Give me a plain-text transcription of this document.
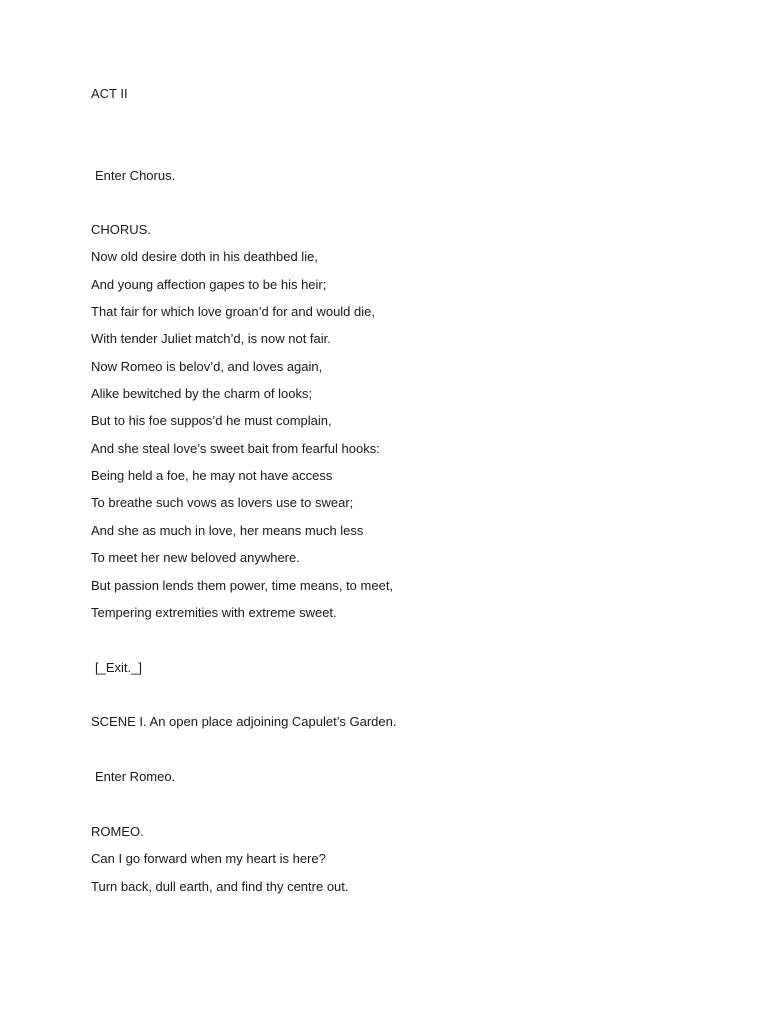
ACT II
Enter Chorus.
CHORUS.
Now old desire doth in his deathbed lie,
And young affection gapes to be his heir;
That fair for which love groan’d for and would die,
With tender Juliet match’d, is now not fair.
Now Romeo is belov’d, and loves again,
Alike bewitched by the charm of looks;
But to his foe suppos’d he must complain,
And she steal love’s sweet bait from fearful hooks:
Being held a foe, he may not have access
To breathe such vows as lovers use to swear;
And she as much in love, her means much less
To meet her new beloved anywhere.
But passion lends them power, time means, to meet,
Tempering extremities with extreme sweet.
[_Exit._]
SCENE I. An open place adjoining Capulet’s Garden.
Enter Romeo.
ROMEO.
Can I go forward when my heart is here?
Turn back, dull earth, and find thy centre out.
